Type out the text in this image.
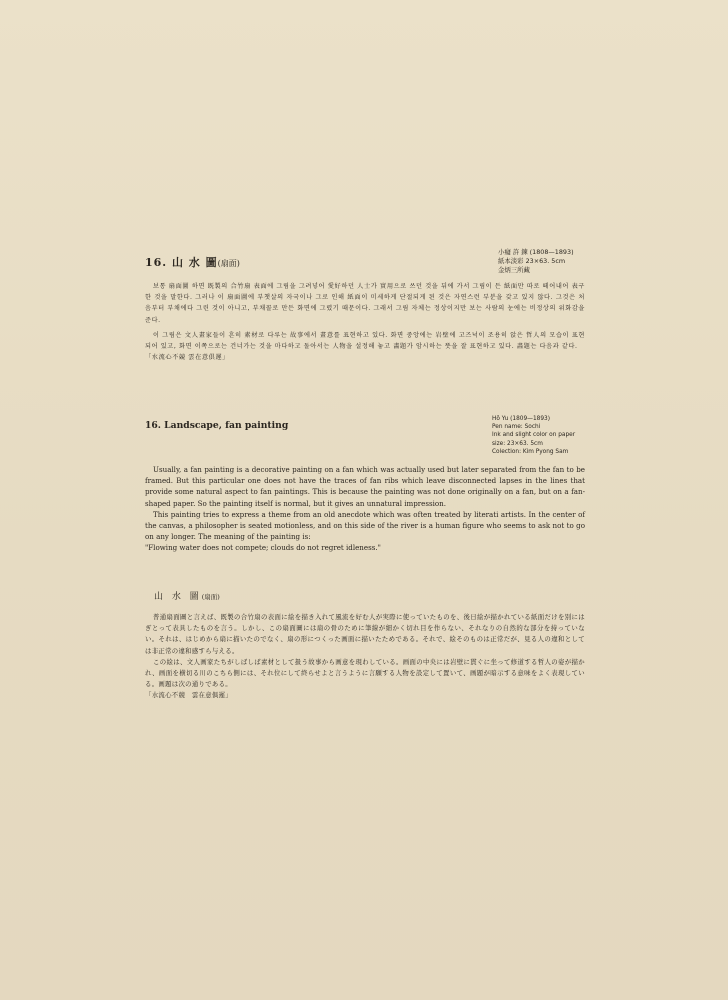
16. 山 水 圖(扇面)
小癡 許 鍊 (1808—1893)
紙本淡彩 23×63. 5cm
金炳三所藏

보통 扇面圖 하면 既製의 合竹扇 表面에 그림을 그려넣어 愛好하던 人士가 實用으로 쓰던 것을 뒤에 가서 그림이 든 紙面만 따로 떼어내어 表구한 것을 말한다. 그러나 이 扇面圖에 부챗살의 자국이나 그로 인해 紙面이 미세하게 단절되게 된 것은 자연스런 부분을 갖고 있지 않다. 그것은 처음부터 부채에다 그린 것이 아니고, 부채꼴로 만든 화면에 그렸기 때문이다. 그래서 그림 자체는 정상이지만 보는 사람의 눈에는 비정상의 위화감을 준다.

이 그림은 文人畫家들이 흔히 素材로 다루는 故事에서 畫意를 표현하고 있다. 화면 중앙에는 岩壁에 고즈넉이 조용히 앉은 哲人의 모습이 표현되어 있고, 화면 이쪽으로는 건너가는 것을 마다하고 돌아서는 人物을 설정해 놓고 畵題가 암시하는 뜻을 잘 표현하고 있다. 畵題는 다음과 같다.

「水流心不競 雲在意俱遲」

16. Landscape, fan painting
Hŏ Yu (1809—1893)
Pen name: Sochi
Ink and slight color on paper
size: 23×63. 5cm
Colection: Kim Pyong Sam

Usually, a fan painting is a decorative painting on a fan which was actually used but later separated from the fan to be framed. But this particular one does not have the traces of fan ribs which leave disconnected lapses in the lines that provide some natural aspect to fan paintings. This is because the painting was not done originally on a fan, but on a fan-shaped paper. So the painting itself is normal, but it gives an unnatural impression.

This painting tries to express a theme from an old anecdote which was often treated by literati artists. In the center of the canvas, a philosopher is seated motionless, and on this side of the river is a human figure who seems to ask not to go on any longer. The meaning of the painting is:

"Flowing water does not compete; clouds do not regret idleness."

山 水 圖(扇面)

普通扇面圖と言えば、既製の合竹扇の表面に絵を描き入れて風流を好む人が実際に使っていたものを、後日絵が描かれている紙面だけを別にはぎとって表具したものを言う。しかし、この扇面圖には扇の骨のために筆線が細かく切れ目を作らない、それなりの自然的な部分を持っていない。それは、はじめから扇に描いたのでなく、扇の形につくった画面に描いたためである。それで、絵そのものは正常だが、見る人の違和としては非正常の違和感すら与える。

この絵は、文人画家たちがしばしば素材として扱う故事から画意を現わしている。画面の中央には岩壁に貫ぐに坐って修道する哲人の姿が描かれ、画面を横切る川のこちら側には、それ位にして終らせよと言うように言願する人物を設定して置いて、画題が暗示する意味をよく表現している。画題は次の通りである。

「水流心不競　雲在意俱遲」
